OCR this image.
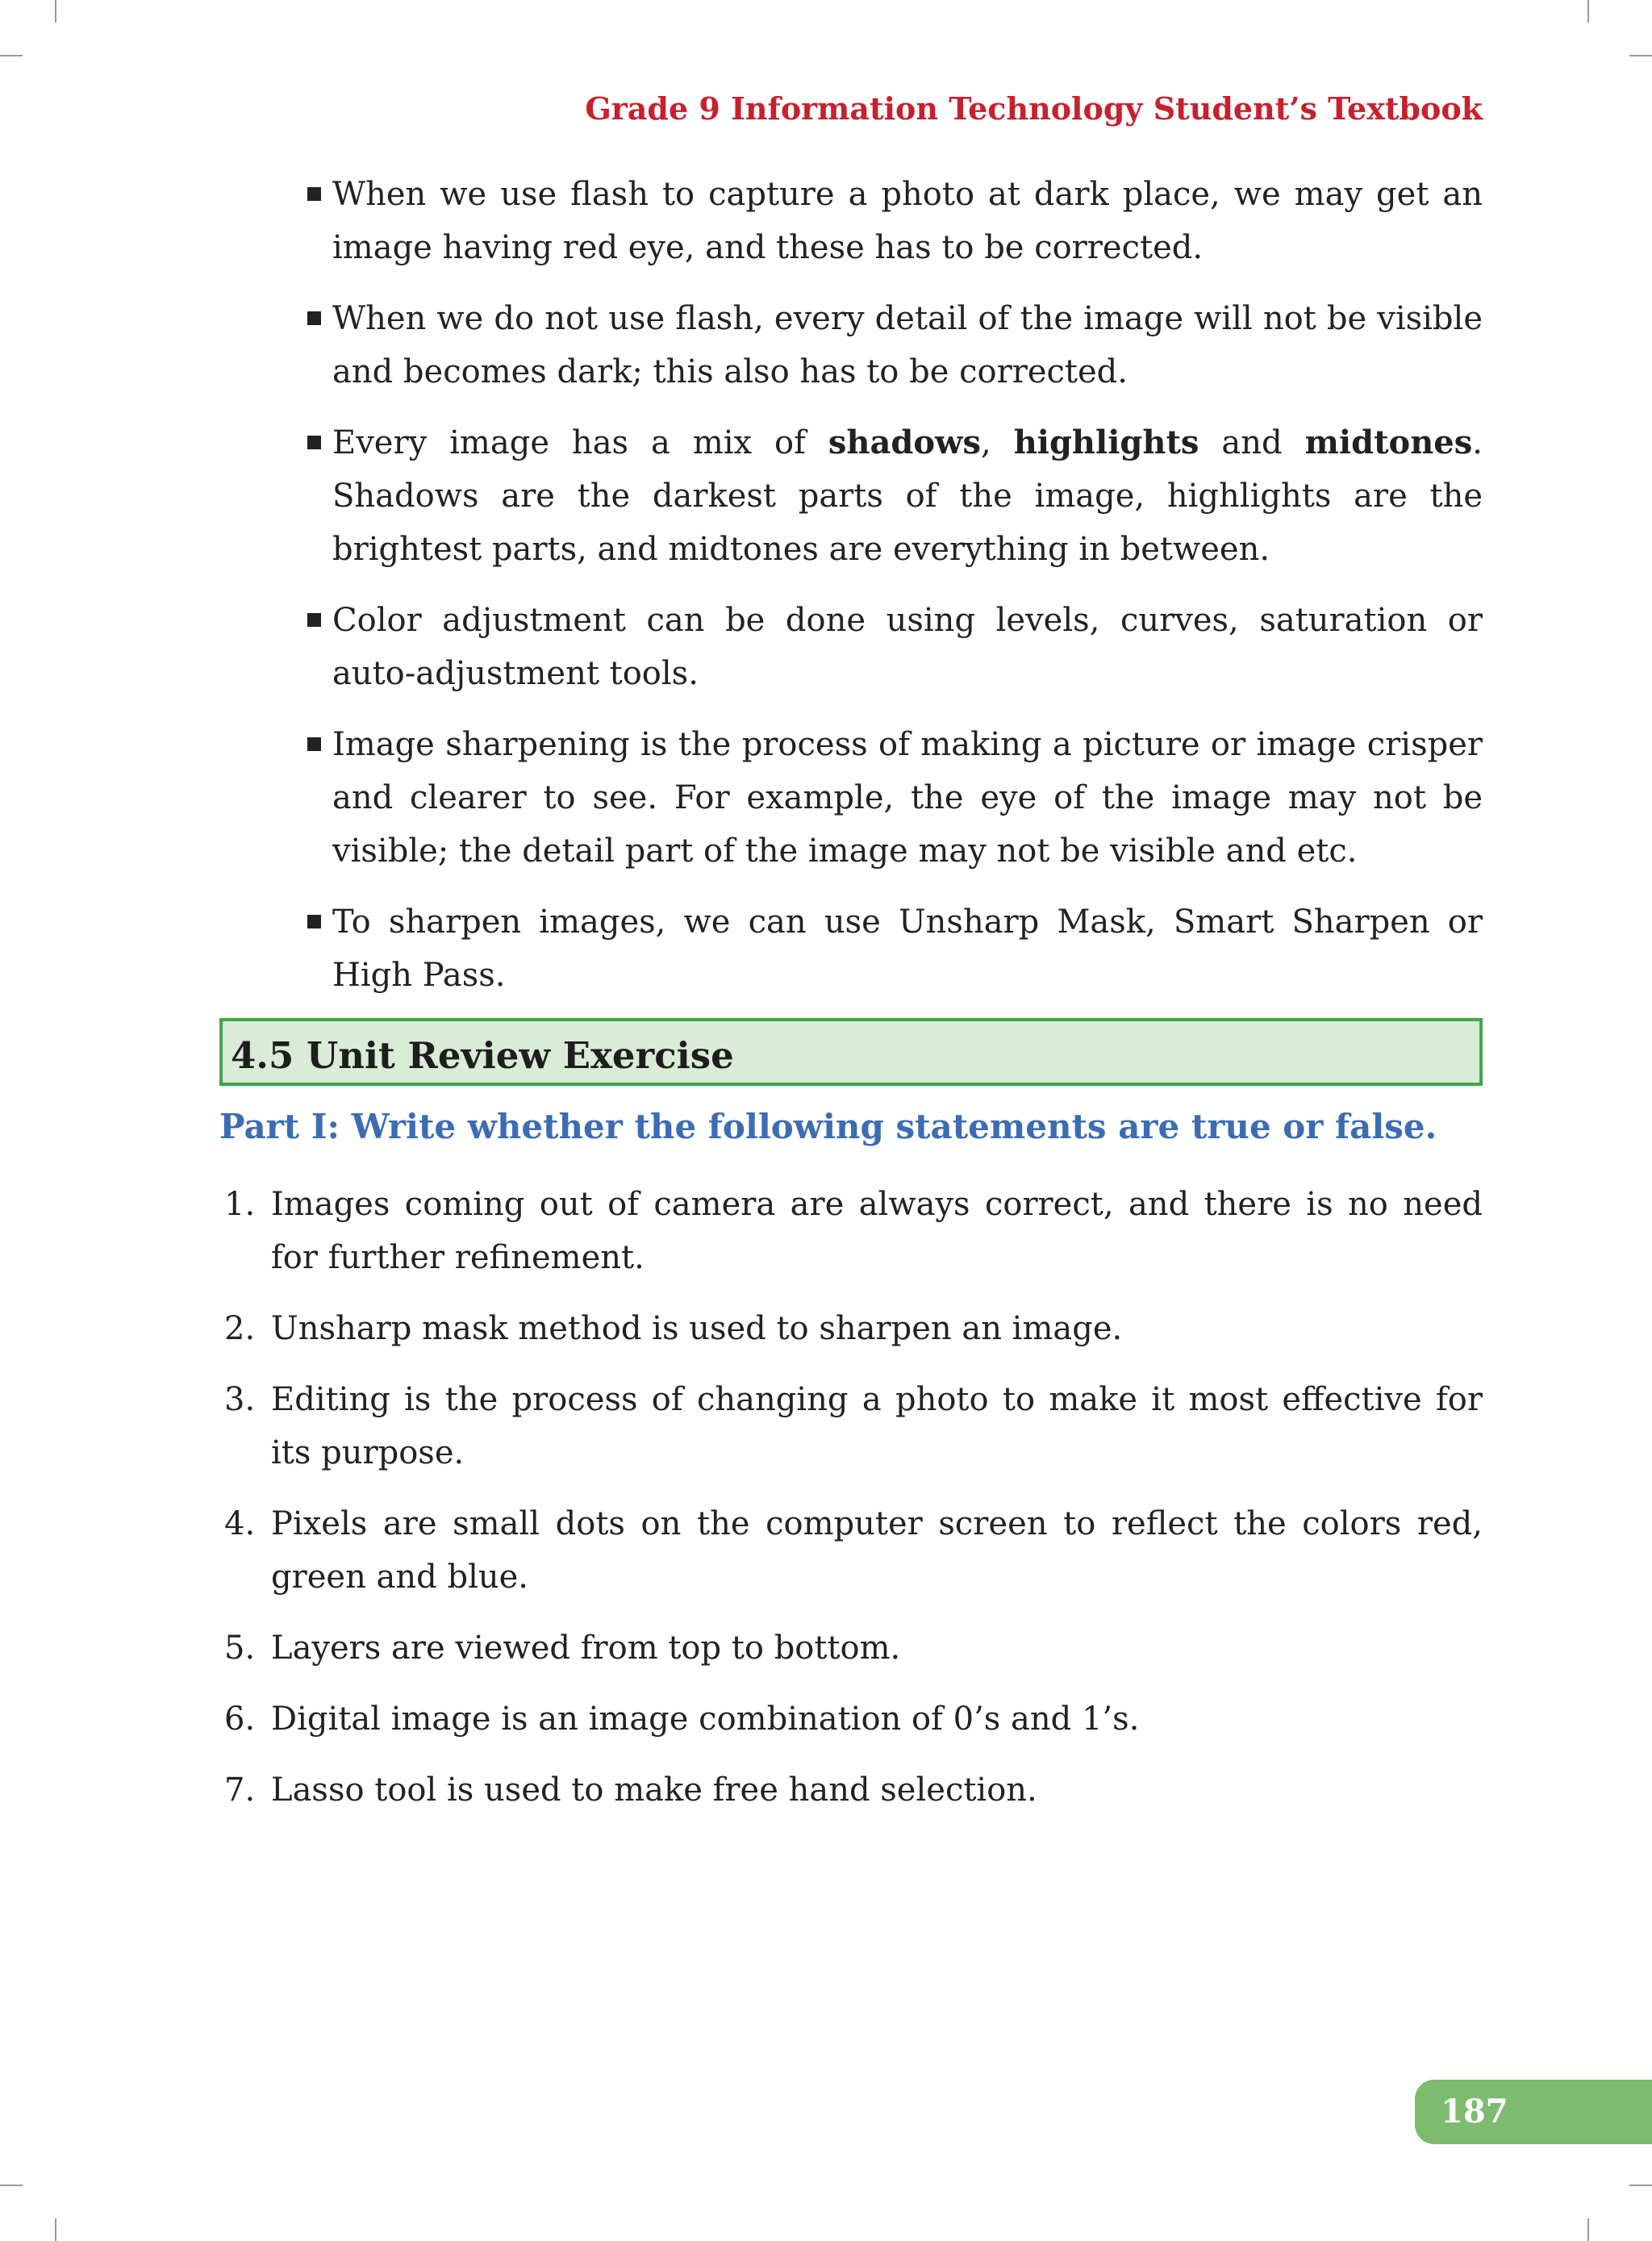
Grade 9 Information Technology Student’s Textbook
When we use flash to capture a photo at dark place, we may get an image having red eye, and these has to be corrected.
When we do not use flash, every detail of the image will not be visible and becomes dark; this also has to be corrected.
Every image has a mix of shadows, highlights and midtones. Shadows are the darkest parts of the image, highlights are the brightest parts, and midtones are everything in between.
Color adjustment can be done using levels, curves, saturation or auto-adjustment tools.
Image sharpening is the process of making a picture or image crisper and clearer to see. For example, the eye of the image may not be visible; the detail part of the image may not be visible and etc.
To sharpen images, we can use Unsharp Mask, Smart Sharpen or High Pass.
4.5 Unit Review Exercise
Part I: Write whether the following statements are true or false.
1. Images coming out of camera are always correct, and there is no need for further refinement.
2. Unsharp mask method is used to sharpen an image.
3. Editing is the process of changing a photo to make it most effective for its purpose.
4. Pixels are small dots on the computer screen to reflect the colors red, green and blue.
5. Layers are viewed from top to bottom.
6. Digital image is an image combination of 0’s and 1’s.
7. Lasso tool is used to make free hand selection.
187
